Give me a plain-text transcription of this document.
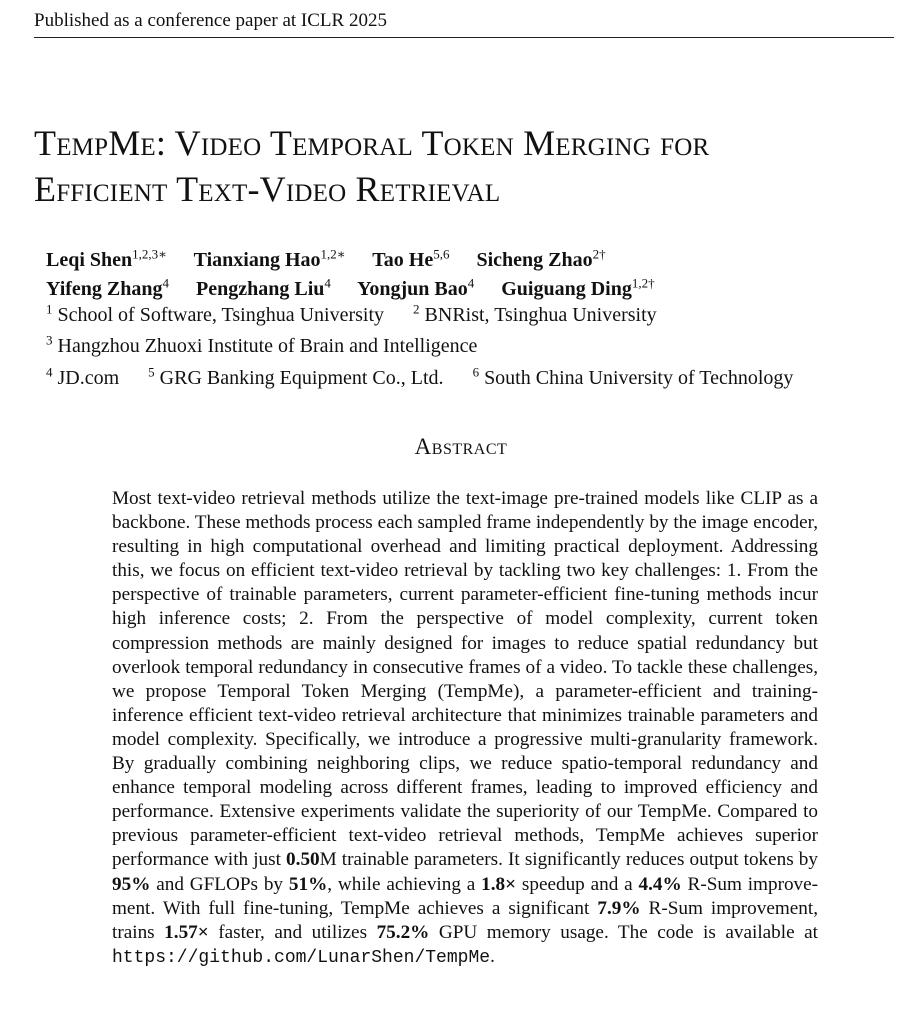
Published as a conference paper at ICLR 2025
TempMe: Video Temporal Token Merging for
Efficient Text-Video Retrieval
Leqi Shen$^{1,2,3∗}$ Tianxiang Hao$^{1,2∗}$ Tao He$^{5,6}$ Sicheng Zhao$^{2\dagger}$
Yifeng Zhang$^4$ Pengzhang Liu$^4$ Yongjun Bao$^4$ Guiguang Ding$^{1,2\dagger}$
$^1$ School of Software, Tsinghua University $^2$ BNRist, Tsinghua University
$^3$ Hangzhou Zhuoxi Institute of Brain and Intelligence
$^4$ JD.com $^5$ GRG Banking Equipment Co., Ltd. $^6$ South China University of Technology
Abstract
Most text-video retrieval methods utilize the text-image pre-trained models like CLIP as a backbone. These methods process each sampled frame independently by the image encoder, resulting in high computational overhead and limiting practical deployment. Addressing this, we focus on efficient text-video retrieval by tackling two key challenges: 1. From the perspective of trainable parameters, current parameter-efficient fine-tuning methods incur high inference costs; 2. From the perspective of model complexity, current token compression methods are mainly designed for images to reduce spatial redundancy but overlook temporal redundancy in consecutive frames of a video. To tackle these challenges, we propose Temporal Token Merging (TempMe), a parameter-efficient and training-inference efficient text-video retrieval architecture that minimizes trainable parameters and model complexity. Specifically, we introduce a progressive multi-granularity framework. By gradually combining neighboring clips, we reduce spatio-temporal redundancy and enhance temporal modeling across different frames, leading to improved efficiency and performance. Extensive experiments validate the superiority of our TempMe. Compared to previous parameter-efficient text-video retrieval methods, TempMe achieves superior performance with just 0.50M trainable parameters. It significantly reduces output tokens by 95% and GFLOPs by 51%, while achieving a 1.8× speedup and a 4.4% R-Sum improvement. With full fine-tuning, TempMe achieves a significant 7.9% R-Sum improvement, trains 1.57× faster, and utilizes 75.2% GPU memory usage. The code is available at https://github.com/LunarShen/TempMe.
